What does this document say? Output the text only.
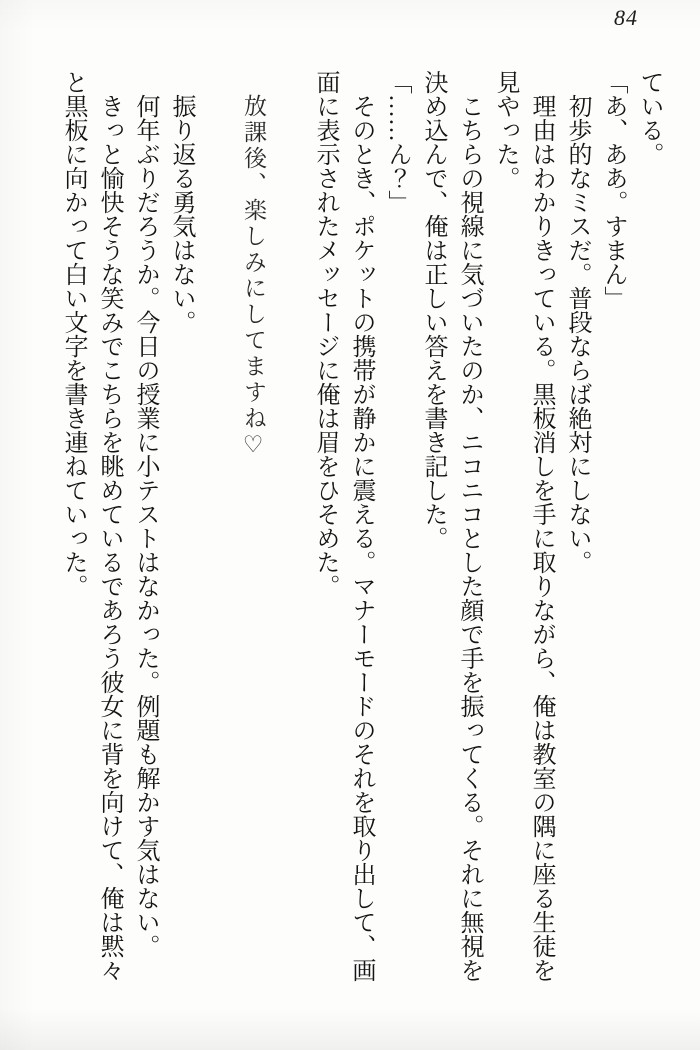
84

ている。

「あ、ああ。すまん」

初歩的なミスだ。普段ならば絶対にしない。

理由はわかりきっている。黒板消しを手に取りながら、俺は教室の隅に座る生徒を見やった。

こちらの視線に気づいたのか、ニコニコとした顔で手を振ってくる。それに無視を決め込んで、俺は正しい答えを書き記した。

「……ん？」

そのとき、ポケットの携帯が静かに震える。マナーモードのそれを取り出して、画面に表示されたメッセージに俺は眉をひそめた。

放課後、楽しみにしてますね♡

振り返る勇気はない。

何年ぶりだろうか。今日の授業に小テストはなかった。例題も解かす気はない。

きっと愉快そうな笑みでこちらを眺めているであろう彼女に背を向けて、俺は黙々と黒板に向かって白い文字を書き連ねていった。
